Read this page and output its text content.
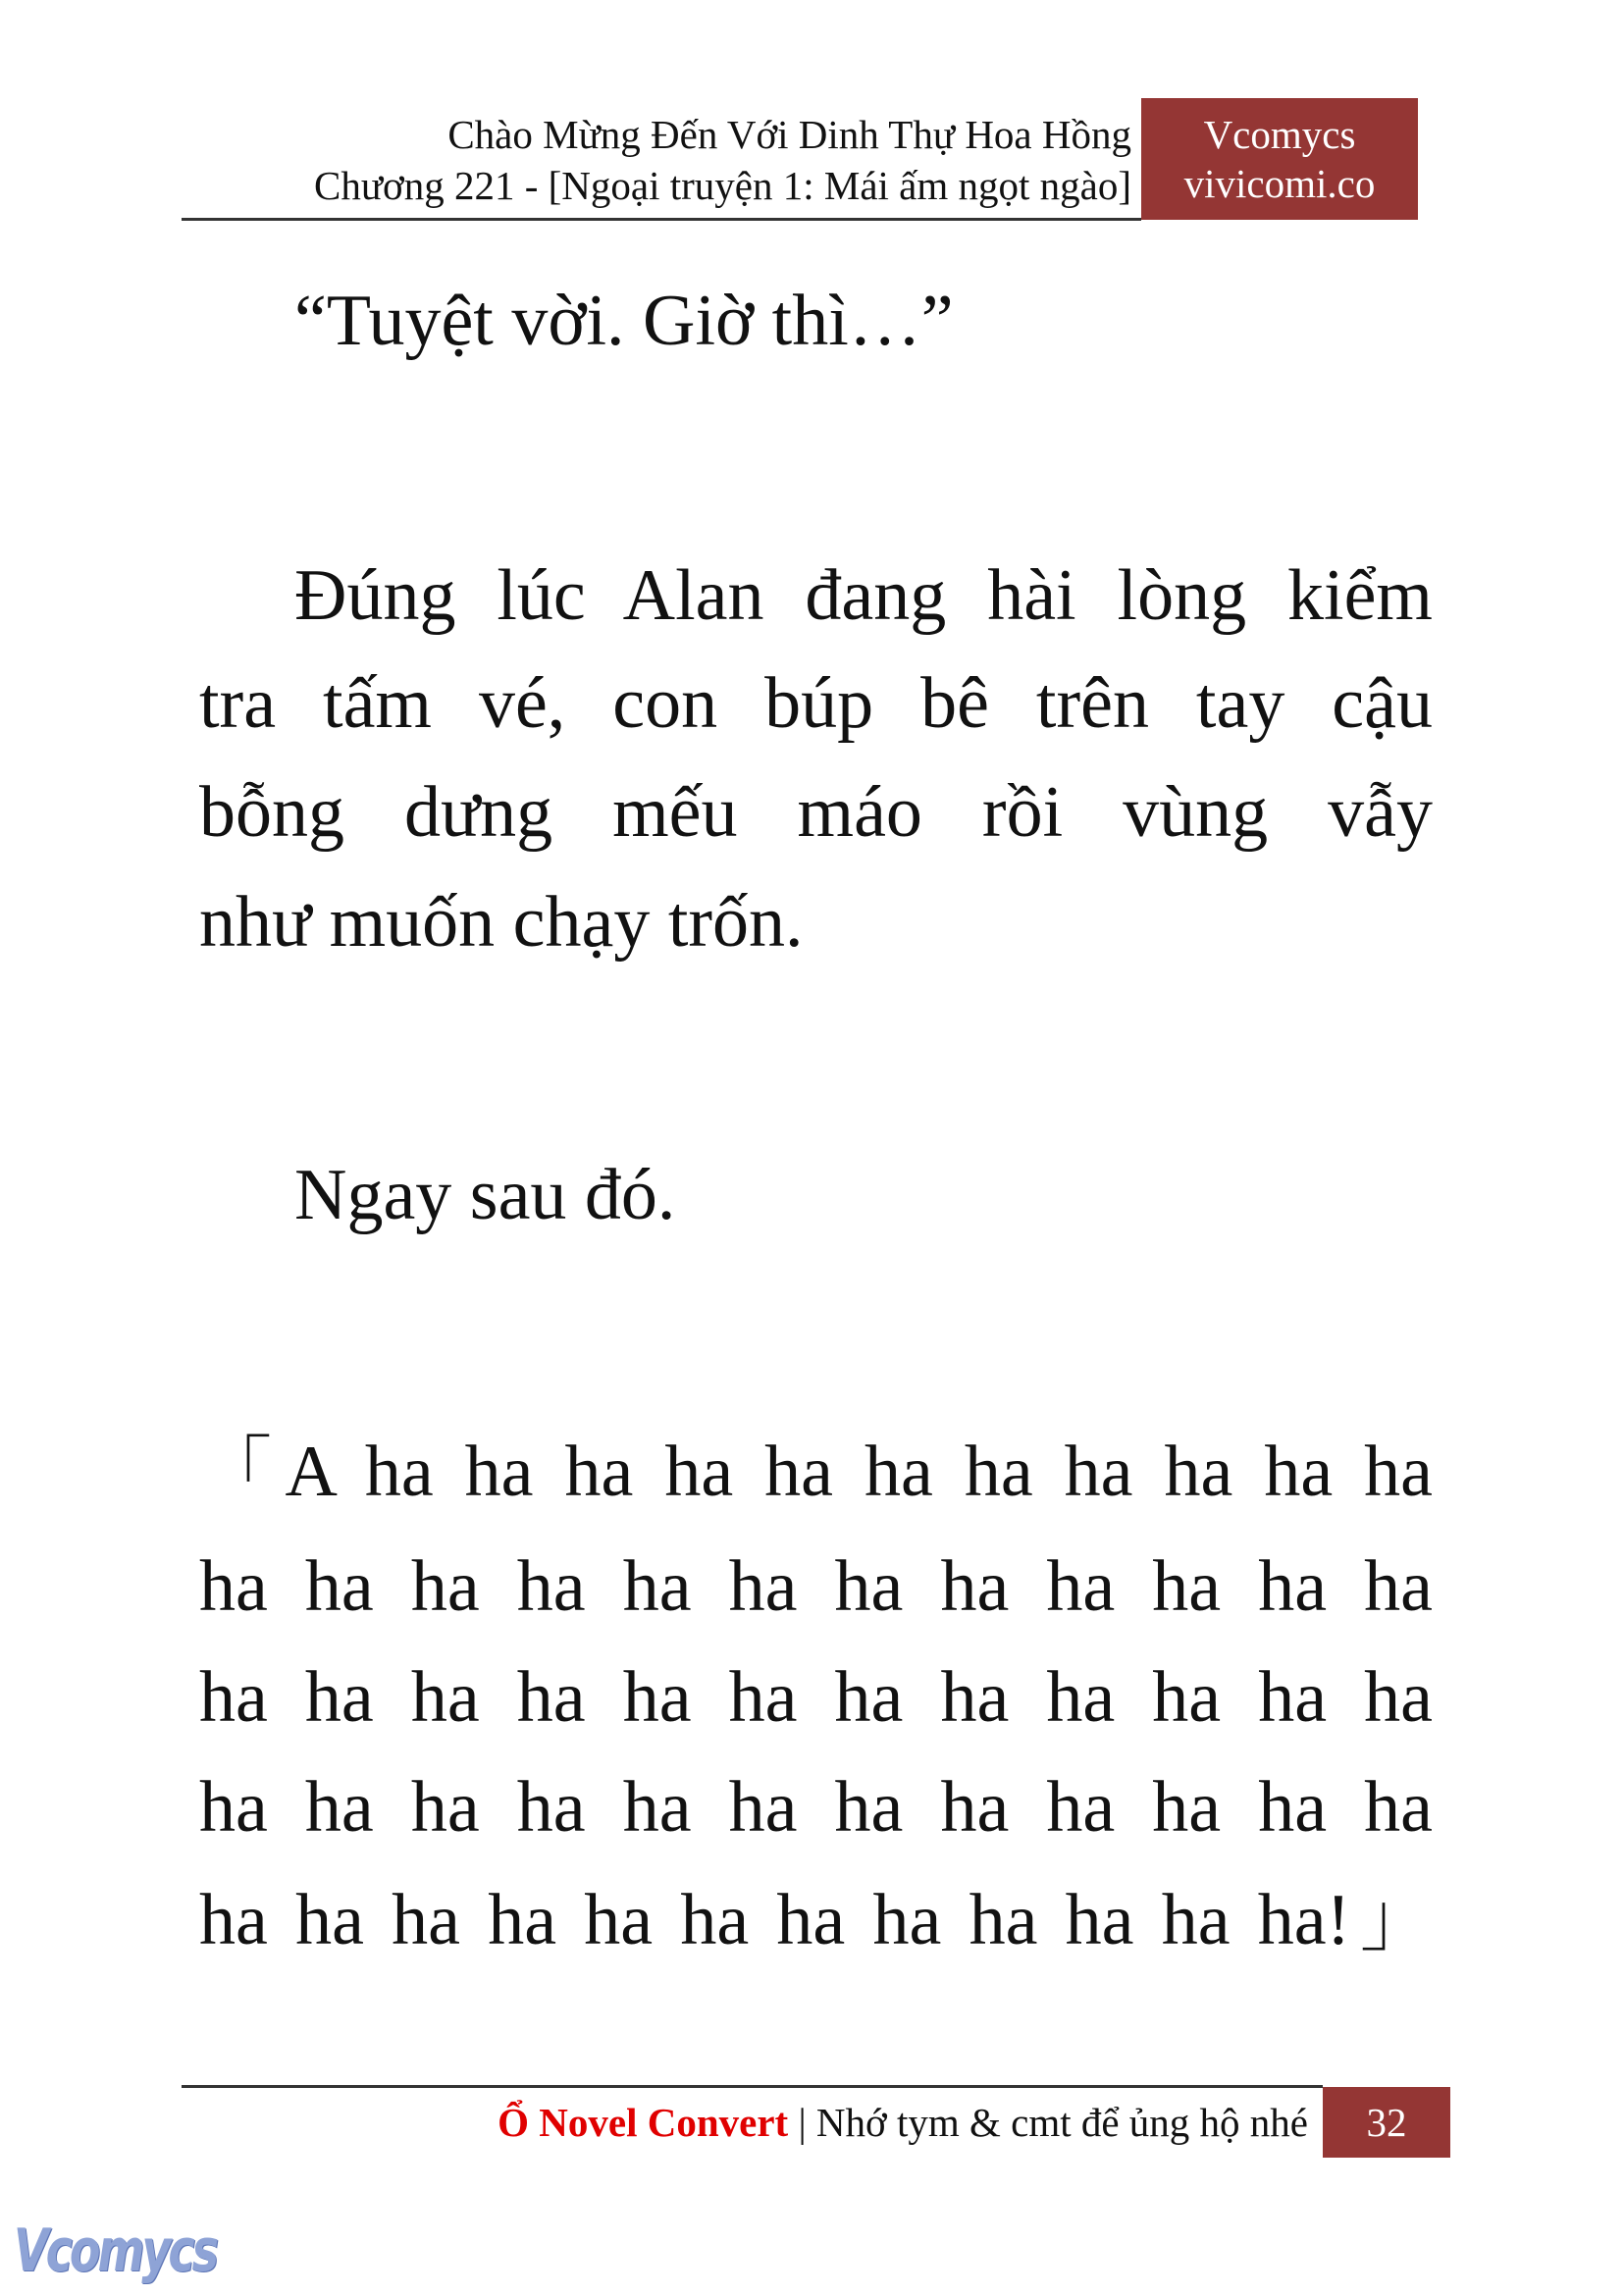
Chào Mừng Đến Với Dinh Thự Hoa Hồng
Chương 221 - [Ngoại truyện 1: Mái ấm ngọt ngào]
Vcomycs
vivicomi.co
“Tuyệt vời. Giờ thì…”
Đúng lúc Alan đang hài lòng kiểm
tra tấm vé, con búp bê trên tay cậu
bỗng dưng mếu máo rồi vùng vẫy
như muốn chạy trốn.
Ngay sau đó.
「A ha ha ha ha ha ha ha ha ha ha ha
ha ha ha ha ha ha ha ha ha ha ha ha
ha ha ha ha ha ha ha ha ha ha ha ha
ha ha ha ha ha ha ha ha ha ha ha ha
ha ha ha ha ha ha ha ha ha ha ha ha!」
Ổ Novel Convert | Nhớ tym & cmt để ủng hộ nhé	32
Vcomycs
